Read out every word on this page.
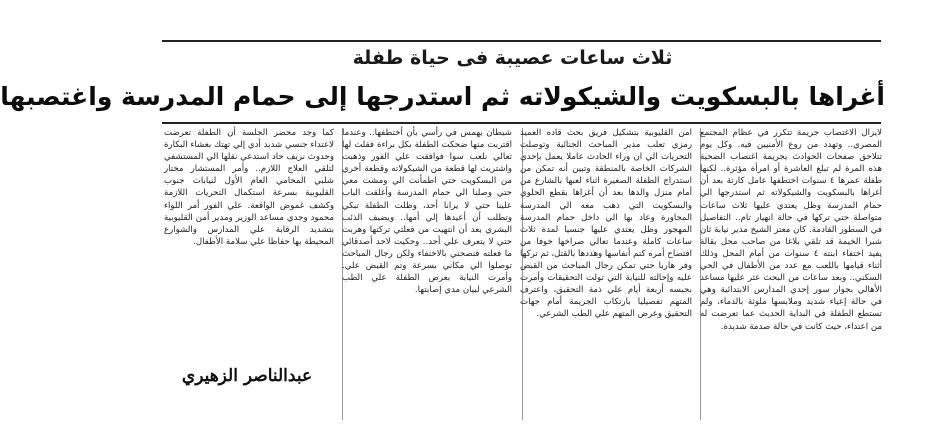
ثلاث ساعات عصيبة فى حياة طفلة
أغراها بالبسكويت والشيكولاته ثم استدرجها إلى حمام المدرسة واغتصبها

لايزال الاغتصاب جريمة تتكرر في عظام المجتمع المصري.. وتهدد من روع الأمنيين فيه. وكل يوم تتلاحق صفحات الحوادث بجريمة اغتصاب الضحية هذه المرة لم تبلغ العاشرة أو امرأة مؤثرة.. لكنها طفلة عمرها ٤ سنوات اختطفها عامل كارتة بعد أن أغراها بالبسكويت والشيكولاته ثم استدرجها الي حمام المدرسة وظل يعتدي عليها ثلاث ساعات متواصلة حتي تركها في حالة انهيار تام.. التفاصيل في السطور القادمة. كان معتز الشيخ مدير نيابة ثان شبرا الخيمة قد تلقي بلاغا من صاحب محل بقالة يفيد اختفاء ابنته ٤ سنوات من أمام المحل وذلك أثناء قيامها باللعب مع عدد من الأطفال في الحي السكني.. وبعد ساعات من البحث عثر عليها مساعد الأهالي بجوار سور إحدي المدارس الابتدائية وهي في حالة إعياء شديد وملابسها ملوثة بالدماء، ولم تستطع الطفلة في البداية الحديث عما تعرضت له من اعتداء، حيث كانت في حالة صدمة شديدة.

امن القليوبية بتشكيل فريق بحث قاده العميد رمزي تعلب مدير المباحث الجنائية وتوصلت التحريات الي ان وراء الحادث عاملا يعمل بإحدي الشركات الخاصة بالمنطقة وتبين أنه تمكن من استدراج الطفلة الصغيرة اثناء لعبها بالشارع من أمام منزل والدها بعد أن أغراها بقطع الحلوي والبسكويت التي ذهب معه الي المدرسة المجاورة وعاد بها الي داخل حمام المدرسة المهجور وظل يعتدي عليها جنسيا لمدة ثلاث ساعات كاملة وعندما تعالي صراخها خوفا من افتضاح أمره كتم أنفاسها وهددها بالقتل، ثم تركها وفر هاربا حتي تمكن رجال المباحث من القبض عليه وإحالته للنيابة التي تولت التحقيقات وأمرت بحبسه أربعة أيام علي ذمة التحقيق، واعترف المتهم تفصيليا بارتكاب الجريمة أمام جهات التحقيق وعرض المتهم علي الطب الشرعي.

شيطان يهمس في رأسي بأن أختطفها.. وعندما اقتربت منها ضحكت الطفلة بكل براءة فقلت لها تعالي نلعب سوا فوافقت علي الفور وذهبت واشتريت لها قطعة من الشيكولاته وقطعة أخري من البسكويت حتي اطمأنت الي ومشت معي حتي وصلنا الي حمام المدرسة وأغلقت الباب علينا حتي لا يرانا أحد، وظلت الطفلة تبكي وتطلب أن أعيدها إلي أمها.. ويضيف الذئب البشري بعد أن انتهيت من فعلتي تركتها وهربت حتي لا يتعرف علي أحد.. وحكيت لاحد أصدقائي ما فعلته فنصحني بالاختفاء ولكن رجال المباحث توصلوا الي مكاني بسرعة وتم القبض علي. وأمرت النيابة بعرض الطفلة علي الطب الشرعي لبيان مدي إصابتها.

كما وجد محضر الجلسة أن الطفلة تعرضت لاعتداء جنسي شديد أدي إلي تهتك بغشاء البكارة وحدوث نزيف حاد استدعي نقلها الي المستشفي لتلقي العلاج اللازم.. وأمر المستشار مختار شلبي المحامي العام الأول لنيابات جنوب القليوبية بسرعة استكمال التحريات اللازمة وكشف غموض الواقعة. علي الفور أمر اللواء محمود وجدي مساعد الوزير ومدير أمن القليوبية بتشديد الرقابة علي المدارس والشوارع المحيطة بها حفاظا علي سلامة الأطفال.

عبدالناصر الزهيري
